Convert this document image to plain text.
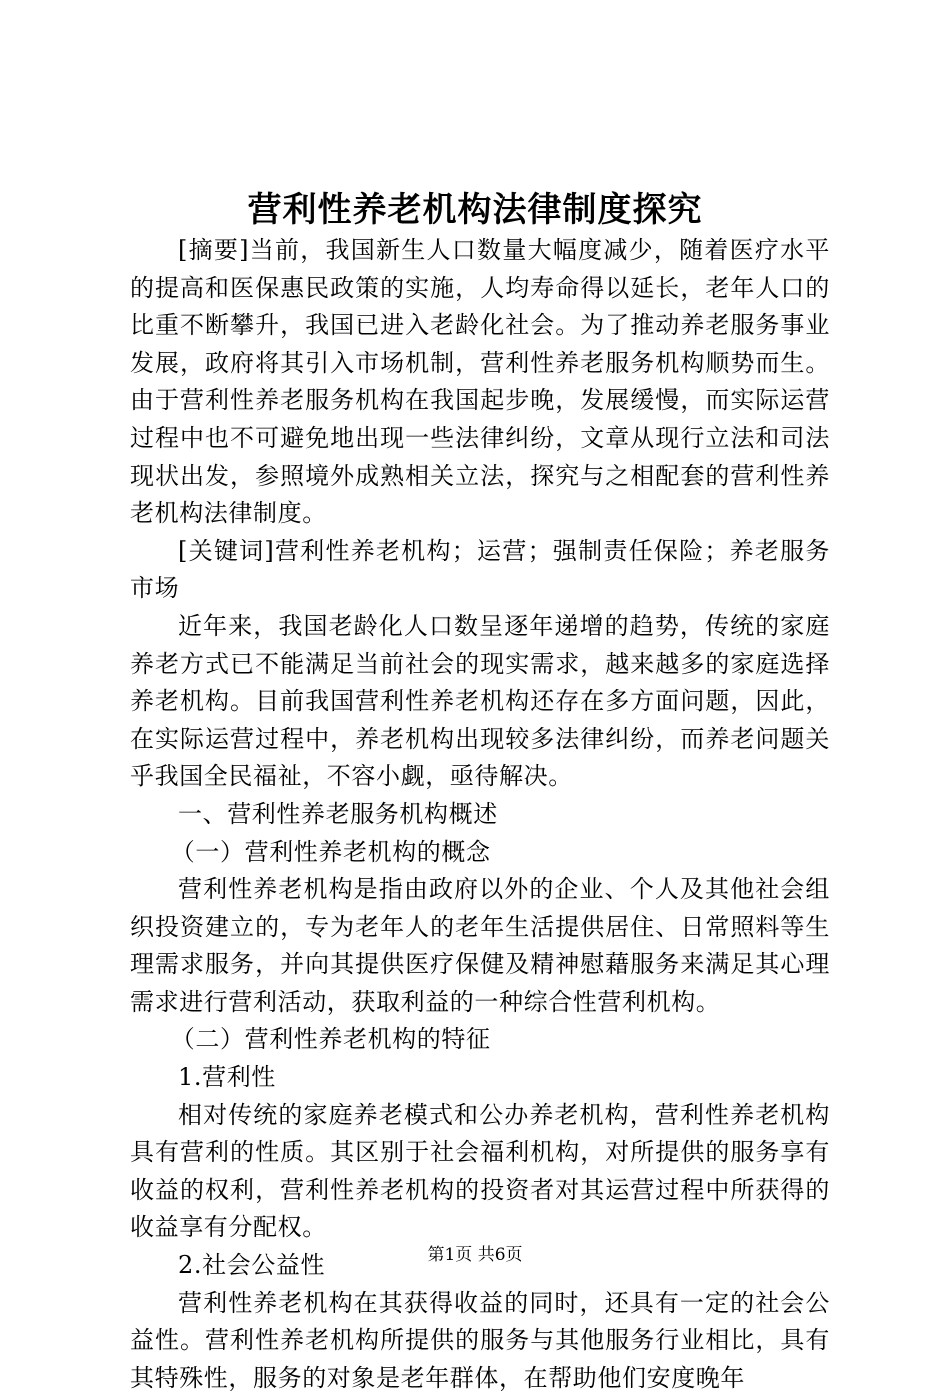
营利性养老机构法律制度探究

[摘要]当前，我国新生人口数量大幅度减少，随着医疗水平的提高和医保惠民政策的实施，人均寿命得以延长，老年人口的比重不断攀升，我国已进入老龄化社会。为了推动养老服务事业发展，政府将其引入市场机制，营利性养老服务机构顺势而生。由于营利性养老服务机构在我国起步晚，发展缓慢，而实际运营过程中也不可避免地出现一些法律纠纷，文章从现行立法和司法现状出发，参照境外成熟相关立法，探究与之相配套的营利性养老机构法律制度。

[关键词]营利性养老机构；运营；强制责任保险；养老服务市场

近年来，我国老龄化人口数呈逐年递增的趋势，传统的家庭养老方式已不能满足当前社会的现实需求，越来越多的家庭选择养老机构。目前我国营利性养老机构还存在多方面问题，因此，在实际运营过程中，养老机构出现较多法律纠纷，而养老问题关乎我国全民福祉，不容小觑，亟待解决。

一、营利性养老服务机构概述

（一）营利性养老机构的概念

营利性养老机构是指由政府以外的企业、个人及其他社会组织投资建立的，专为老年人的老年生活提供居住、日常照料等生理需求服务，并向其提供医疗保健及精神慰藉服务来满足其心理需求进行营利活动，获取利益的一种综合性营利机构。

（二）营利性养老机构的特征

1.营利性

相对传统的家庭养老模式和公办养老机构，营利性养老机构具有营利的性质。其区别于社会福利机构，对所提供的服务享有收益的权利，营利性养老机构的投资者对其运营过程中所获得的收益享有分配权。

2.社会公益性

营利性养老机构在其获得收益的同时，还具有一定的社会公益性。营利性养老机构所提供的服务与其他服务行业相比，具有其特殊性，服务的对象是老年群体，在帮助他们安度晚年

第1页 共6页
